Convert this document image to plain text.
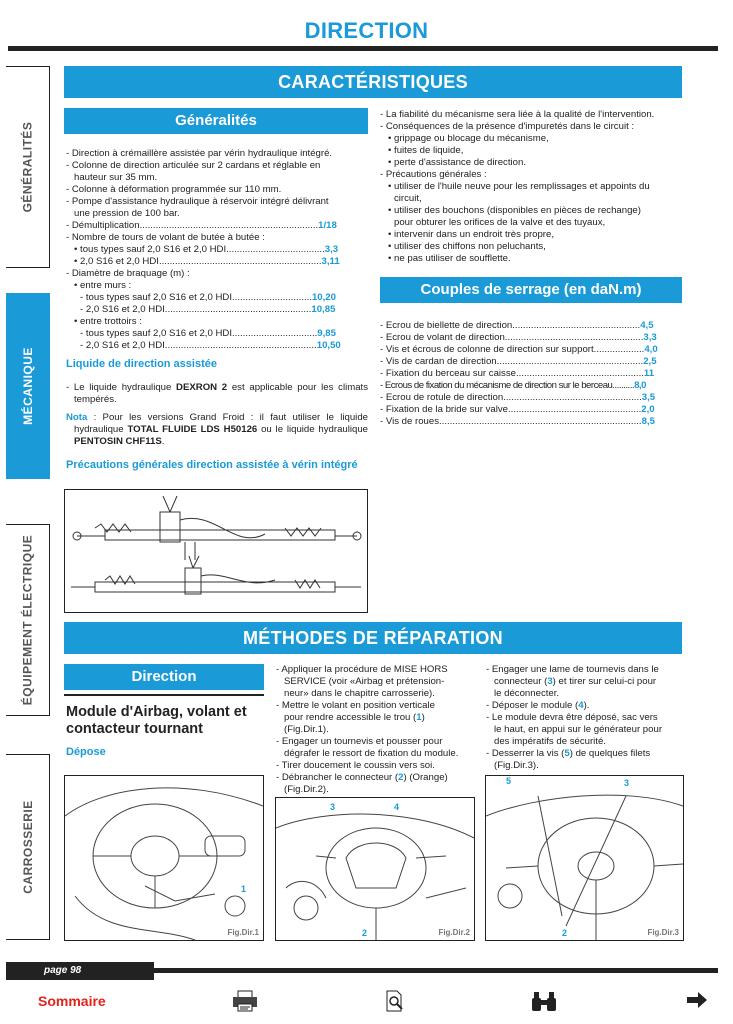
DIRECTION
GÉNÉRALITÉS
MÉCANIQUE
ÉQUIPEMENT ÉLECTRIQUE
CARROSSERIE
CARACTÉRISTIQUES
Généralités
- Direction à crémaillère assistée par vérin hydraulique intégré.
- Colonne de direction articulée sur 2 cardans et réglable en
hauteur sur 35 mm.
- Colonne à déformation programmée sur 110 mm.
- Pompe d'assistance hydraulique à réservoir intégré délivrant
une pression de 100 bar.
- Démultiplication...................................................................1/18
- Nombre de tours de volant de butée à butée :
• tous types sauf 2,0 S16 et 2,0 HDI.....................................3,3
• 2,0 S16 et 2,0 HDI.............................................................3,11
- Diamètre de braquage (m) :
• entre murs :
- tous types sauf 2,0 S16 et 2,0 HDI..............................10,20
- 2,0 S16 et 2,0 HDI.......................................................10,85
• entre trottoirs :
- tous types sauf 2,0 S16 et 2,0 HDI................................9,85
- 2,0 S16 et 2,0 HDI.........................................................10,50
Liquide de direction assistée
- Le liquide hydraulique DEXRON 2 est applicable pour les climats tempérés.
Nota : Pour les versions Grand Froid : il faut utiliser le liquide hydraulique TOTAL FLUIDE LDS H50126 ou le liquide hydraulique PENTOSIN CHF11S.
Précautions générales direction assistée à vérin intégré
- La fiabilité du mécanisme sera liée à la qualité de l'intervention.
- Conséquences de la présence d'impuretés dans le circuit :
• grippage ou blocage du mécanisme,
• fuites de liquide,
• perte d'assistance de direction.
- Précautions générales :
• utiliser de l'huile neuve pour les remplissages et appoints du
circuit,
• utiliser des bouchons (disponibles en pièces de rechange)
pour obturer les orifices de la valve et des tuyaux,
• intervenir dans un endroit très propre,
• utiliser des chiffons non peluchants,
• ne pas utiliser de soufflette.
Couples de serrage (en daN.m)
- Ecrou de biellette de direction................................................4,5
- Ecrou de volant de direction....................................................3,3
- Vis et écrous de colonne de direction sur support...................4,0
- Vis de cardan de direction.......................................................2,5
- Fixation du berceau sur caisse................................................11
- Ecrous de fixation du mécanisme de direction sur le berceau..........8,0
- Ecrou de rotule de direction....................................................3,5
- Fixation de la bride sur valve..................................................2,0
- Vis de roues............................................................................8,5
MÉTHODES DE RÉPARATION
Direction
Module d'Airbag, volant et contacteur tournant
Dépose
- Appliquer la procédure de MISE HORS
SERVICE (voir «Airbag et prétension-
neur» dans le chapitre carrosserie).
- Mettre le volant en position verticale
pour rendre accessible le trou (1)
(Fig.Dir.1).
- Engager un tournevis et pousser pour
dégrafer le ressort de fixation du module.
- Tirer doucement le coussin vers soi.
- Débrancher le connecteur (2) (Orange)
(Fig.Dir.2).
- Engager une lame de tournevis dans le
connecteur (3) et tirer sur celui-ci pour
le déconnecter.
- Déposer le module (4).
- Le module devra être déposé, sac vers
le haut, en appui sur le générateur pour
des impératifs de sécurité.
- Desserrer la vis (5) de quelques filets
(Fig.Dir.3).
1
Fig.Dir.1
3	4
2	Fig.Dir.2
5	3
2	Fig.Dir.3
page 98
Sommaire
